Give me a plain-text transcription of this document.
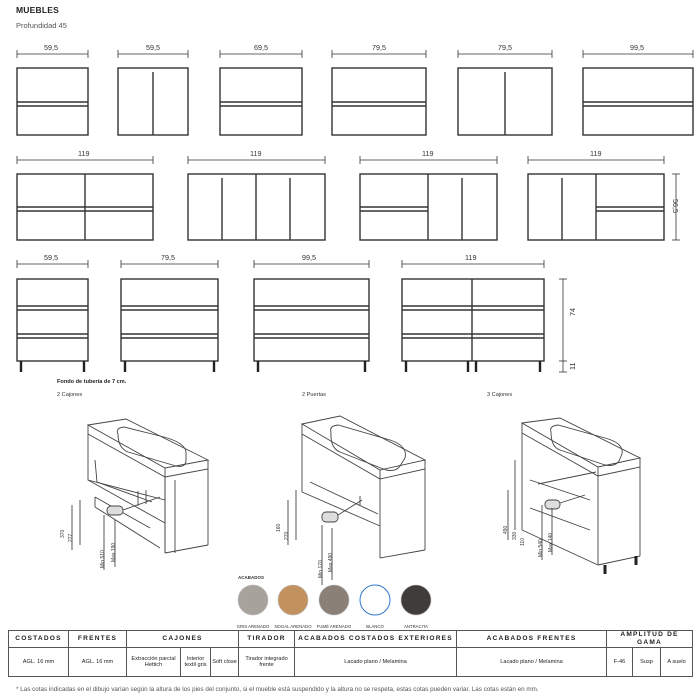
MUEBLES
Profundidad 45
59,5	59,5	69,5	79,5	79,5	99,5
119	119	119	119
56,5
59,5	79,5	99,5	119
74
11
Fondo de tubería de 7 cm.
2 Cajones	2 Puertas	3 Cajones
370 277
Min 510 Max 190
160
270
Min 170 Max 490
490
330
110 Min 540 Max 140
ACABADOS
GRIS ARENADO	NOGAL ARENADO	FUMÉ ARENADO	BLANCO	ANTRACITA
COSTADOS	FRENTES	CAJONES			TIRADOR	ACABADOS COSTADOS EXTERIORES	ACABADOS FRENTES	AMPLITUD DE GAMA		
AGL. 16 mm	AGL. 16 mm	Extracción parcial Hettich	Interior textil gris	Soft close	Tirador integrado frente	Lacado plano / Melamina	Lacado plano / Melamina	F-46	Susp	A suelo
* Las cotas indicadas en el dibujo varían según la altura de los pies del conjunto, si el mueble está suspendido y la altura no se respeta, estas cotas pueden variar. Las cotas están en mm.
